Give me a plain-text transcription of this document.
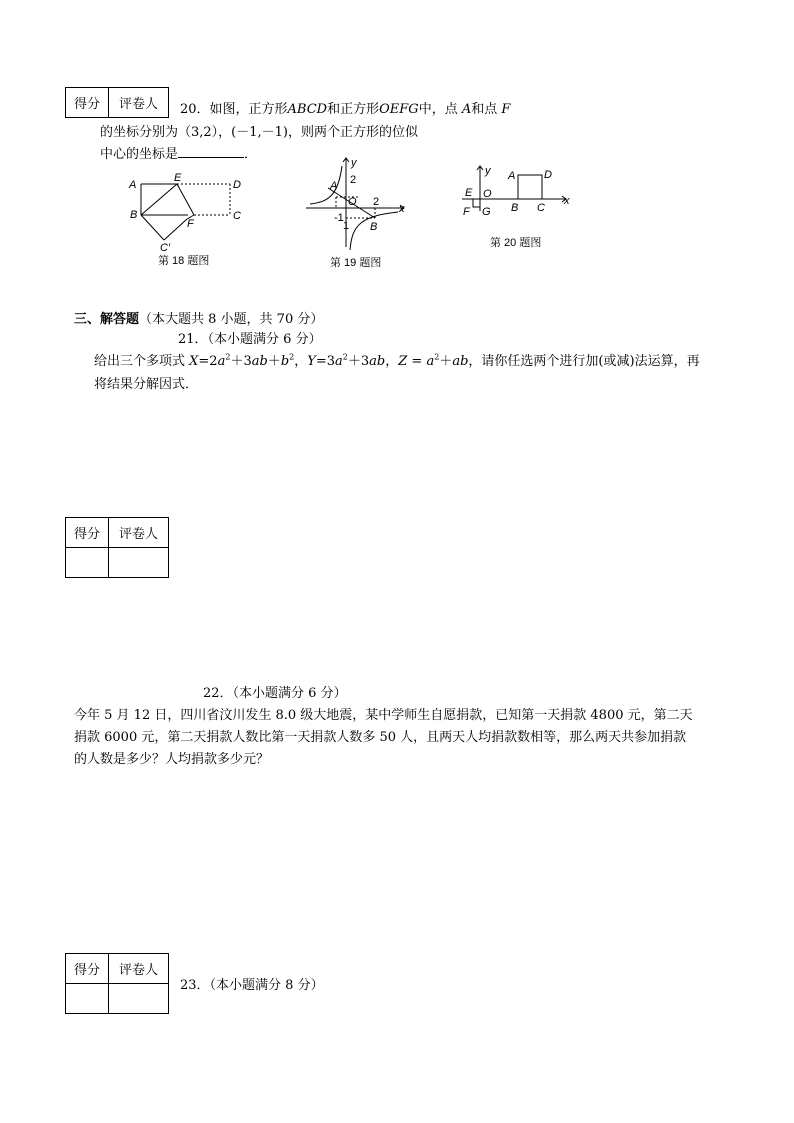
得分	评卷人 20．如图，正方形ABCD和正方形OEFG中，点 A和点 F
的坐标分别为（3,2），(－1,－1)，则两个正方形的位似
中心的坐标是	．
A
E
D
B	C
F
C′
第 18 题图
y
x
2
A
O 2
-1
1 B
第 19 题图
y
x
E O
F G
A	D
B C
第 20 题图
三、解答题（本大题共 8 小题，共 70 分）
21．（本小题满分 6 分）
给出三个多项式 $X=2a^2+3ab+b^2$，$Y=3a^2+3ab$，$Z = a^2+ab$，请你任选两个进行加(或减)法运算，再
将结果分解因式．
得分	评卷人

22．（本小题满分 6 分）
今年 5 月 12 日，四川省汶川发生 8.0 级大地震，某中学师生自愿捐款，已知第一天捐款 4800 元，第二天
捐款 6000 元，第二天捐款人数比第一天捐款人数多 50 人，且两天人均捐款数相等，那么两天共参加捐款
的人数是多少？人均捐款多少元？
得分	评卷人

23．（本小题满分 8 分）
